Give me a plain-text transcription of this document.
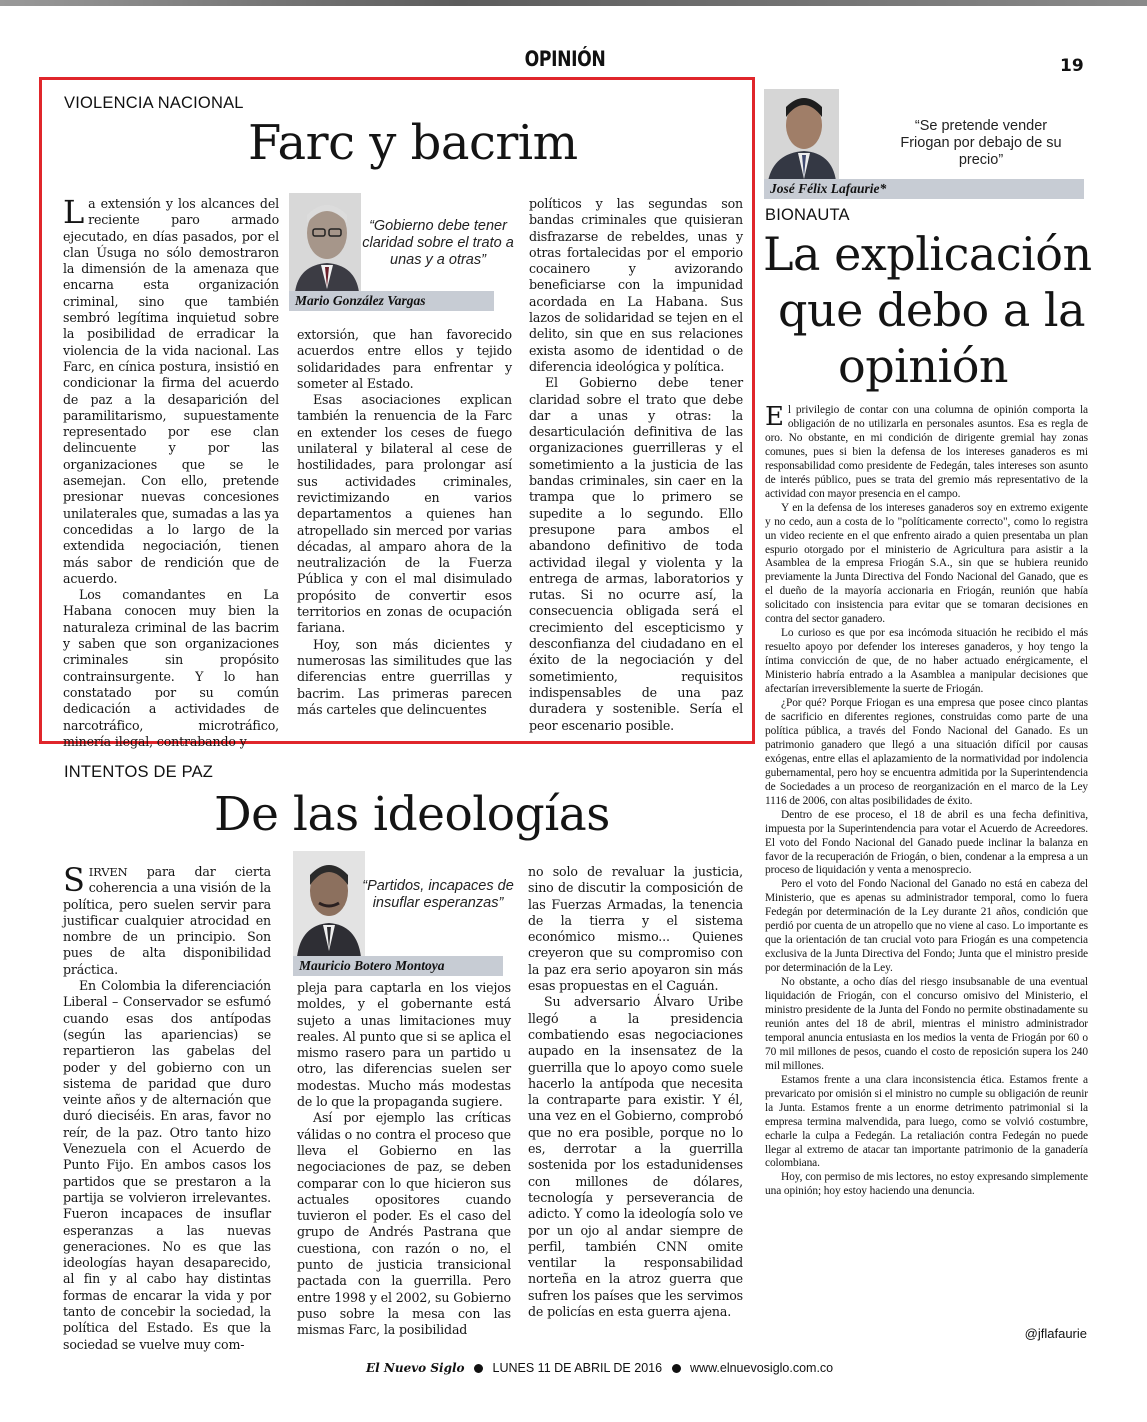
OPINIÓN	19
VIOLENCIA NACIONAL
Farc y bacrim

La extensión y los alcances del reciente paro armado ejecutado, en días pasados, por el clan Úsuga no sólo demostraron la dimensión de la amenaza que encarna esta organización criminal, sino que también sembró legítima inquietud sobre la posibilidad de erradicar la violencia de la vida nacional. Las Farc, en cínica postura, insistió en condicionar la firma del acuerdo de paz a la desaparición del paramilitarismo, supuestamente representado por ese clan delincuente y por las organizaciones que se le asemejan. Con ello, pretende presionar nuevas concesiones unilaterales que, sumadas a las ya concedidas a lo largo de la extendida negociación, tienen más sabor de rendición que de acuerdo.

Los comandantes en La Habana conocen muy bien la naturaleza criminal de las bacrim y saben que son organizaciones criminales sin propósito contrainsurgente. Y lo han constatado por su común dedicación a actividades de narcotráfico, microtráfico, minería ilegal, contrabando y

“Gobierno debe tener claridad sobre el trato a unas y a otras”
Mario González Vargas

extorsión, que han favorecido acuerdos entre ellos y tejido solidaridades para enfrentar y someter al Estado.

Esas asociaciones explican también la renuencia de la Farc en extender los ceses de fuego unilateral y bilateral al cese de hostilidades, para prolongar así sus actividades criminales, revictimizando en varios departamentos a quienes han atropellado sin merced por varias décadas, al amparo ahora de la neutralización de la Fuerza Pública y con el mal disimulado propósito de convertir esos territorios en zonas de ocupación fariana.

Hoy, son más dicientes y numerosas las similitudes que las diferencias entre guerrillas y bacrim. Las primeras parecen más carteles que delincuentes

políticos y las segundas son bandas criminales que quisieran disfrazarse de rebeldes, unas y otras fortalecidas por el emporio cocainero y avizorando beneficiarse con la impunidad acordada en La Habana. Sus lazos de solidaridad se tejen en el delito, sin que en sus relaciones exista asomo de identidad o de diferencia ideológica y política.

El Gobierno debe tener claridad sobre el trato que debe dar a unas y otras: la desarticulación definitiva de las organizaciones guerrilleras y el sometimiento a la justicia de las bandas criminales, sin caer en la trampa que lo primero se supedite a lo segundo. Ello presupone para ambos el abandono definitivo de toda actividad ilegal y violenta y la entrega de armas, laboratorios y rutas. Si no ocurre así, la consecuencia obligada será el crecimiento del escepticismo y desconfianza del ciudadano en el éxito de la negociación y del sometimiento, requisitos indispensables de una paz duradera y sostenible. Sería el peor escenario posible.

INTENTOS DE PAZ
De las ideologías

SIRVEN para dar cierta coherencia a una visión de la política, pero suelen servir para justificar cualquier atrocidad en nombre de un principio. Son pues de alta disponibilidad práctica.

En Colombia la diferenciación Liberal – Conservador se esfumó cuando esas dos antípodas (según las apariencias) se repartieron las gabelas del poder y del gobierno con un sistema de paridad que duro veinte años y de alternación que duró dieciséis. En aras, favor no reír, de la paz. Otro tanto hizo Venezuela con el Acuerdo de Punto Fijo. En ambos casos los partidos que se prestaron a la partija se volvieron irrelevantes. Fueron incapaces de insuflar esperanzas a las nuevas generaciones. No es que las ideologías hayan desaparecido, al fin y al cabo hay distintas formas de encarar la vida y por tanto de concebir la sociedad, la política del Estado. Es que la sociedad se vuelve muy com-

“Partidos, incapaces de insuflar esperanzas”
Mauricio Botero Montoya

pleja para captarla en los viejos moldes, y el gobernante está sujeto a unas limitaciones muy reales. Al punto que si se aplica el mismo rasero para un partido u otro, las diferencias suelen ser modestas. Mucho más modestas de lo que la propaganda sugiere.

Así por ejemplo las críticas válidas o no contra el proceso que lleva el Gobierno en las negociaciones de paz, se deben comparar con lo que hicieron sus actuales opositores cuando tuvieron el poder. Es el caso del grupo de Andrés Pastrana que cuestiona, con razón o no, el punto de justicia transicional pactada con la guerrilla. Pero entre 1998 y el 2002, su Gobierno puso sobre la mesa con las mismas Farc, la posibilidad

no solo de revaluar la justicia, sino de discutir la composición de las Fuerzas Armadas, la tenencia de la tierra y el sistema económico mismo... Quienes creyeron que su compromiso con la paz era serio apoyaron sin más esas propuestas en el Caguán.

Su adversario Álvaro Uribe llegó a la presidencia combatiendo esas negociaciones aupado en la insensatez de la guerrilla que lo apoyo como suele hacerlo la antípoda que necesita la contraparte para existir. Y él, una vez en el Gobierno, comprobó que no era posible, porque no lo es, derrotar a la guerrilla sostenida por los estadunidenses con millones de dólares, tecnología y perseverancia de adicto. Y como la ideología solo ve por un ojo al andar siempre de perfil, también CNN omite ventilar la responsabilidad norteña en la atroz guerra que sufren los países que les servimos de policías en esta guerra ajena.

“Se pretende vender Friogan por debajo de su precio”
José Félix Lafaurie*
BIONAUTA
La explicación
que debo a la
opinión

El privilegio de contar con una columna de opinión comporta la obligación de no utilizarla en personales asuntos. Esa es regla de oro. No obstante, en mi condición de dirigente gremial hay zonas comunes, pues si bien la defensa de los intereses ganaderos es mi responsabilidad como presidente de Fedegán, tales intereses son asunto de interés público, pues se trata del gremio más representativo de la actividad con mayor presencia en el campo.

Y en la defensa de los intereses ganaderos soy en extremo exigente y no cedo, aun a costa de lo "políticamente correcto", como lo registra un video reciente en el que enfrento airado a quien presentaba un plan espurio otorgado por el ministerio de Agricultura para asistir a la Asamblea de la empresa Friogán S.A., sin que se hubiera reunido previamente la Junta Directiva del Fondo Nacional del Ganado, que es el dueño de la mayoría accionaria en Friogán, reunión que había solicitado con insistencia para evitar que se tomaran decisiones en contra del sector ganadero.

Lo curioso es que por esa incómoda situación he recibido el más resuelto apoyo por defender los intereses ganaderos, y hoy tengo la íntima convicción de que, de no haber actuado enérgicamente, el Ministerio habría entrado a la Asamblea a manipular decisiones que afectarían irreversiblemente la suerte de Friogán.

¿Por qué? Porque Friogan es una empresa que posee cinco plantas de sacrificio en diferentes regiones, construidas como parte de una política pública, a través del Fondo Nacional del Ganado. Es un patrimonio ganadero que llegó a una situación difícil por causas exógenas, entre ellas el aplazamiento de la normatividad por indolencia gubernamental, pero hoy se encuentra admitida por la Superintendencia de Sociedades a un proceso de reorganización en el marco de la Ley 1116 de 2006, con altas posibilidades de éxito.

Dentro de ese proceso, el 18 de abril es una fecha definitiva, impuesta por la Superintendencia para votar el Acuerdo de Acreedores. El voto del Fondo Nacional del Ganado puede inclinar la balanza en favor de la recuperación de Friogán, o bien, condenar a la empresa a un proceso de liquidación y venta a menosprecio.

Pero el voto del Fondo Nacional del Ganado no está en cabeza del Ministerio, que es apenas su administrador temporal, como lo fuera Fedegán por determinación de la Ley durante 21 años, condición que perdió por cuenta de un atropello que no viene al caso. Lo importante es que la orientación de tan crucial voto para Friogán es una competencia exclusiva de la Junta Directiva del Fondo; Junta que el ministro preside por determinación de la Ley.

No obstante, a ocho días del riesgo insubsanable de una eventual liquidación de Friogán, con el concurso omisivo del Ministerio, el ministro presidente de la Junta del Fondo no permite obstinadamente su reunión antes del 18 de abril, mientras el ministro administrador temporal anuncia entusiasta en los medios la venta de Friogán por 60 o 70 mil millones de pesos, cuando el costo de reposición supera los 240 mil millones.

Estamos frente a una clara inconsistencia ética. Estamos frente a prevaricato por omisión si el ministro no cumple su obligación de reunir la Junta. Estamos frente a un enorme detrimento patrimonial si la empresa termina malvendida, para luego, como se volvió costumbre, echarle la culpa a Fedegán. La retaliación contra Fedegán no puede llegar al extremo de atacar tan importante patrimonio de la ganadería colombiana.

Hoy, con permiso de mis lectores, no estoy expresando simplemente una opinión; hoy estoy haciendo una denuncia.

@jflafaurie
El Nuevo Siglo LUNES 11 DE ABRIL DE 2016 www.elnuevosiglo.com.co
